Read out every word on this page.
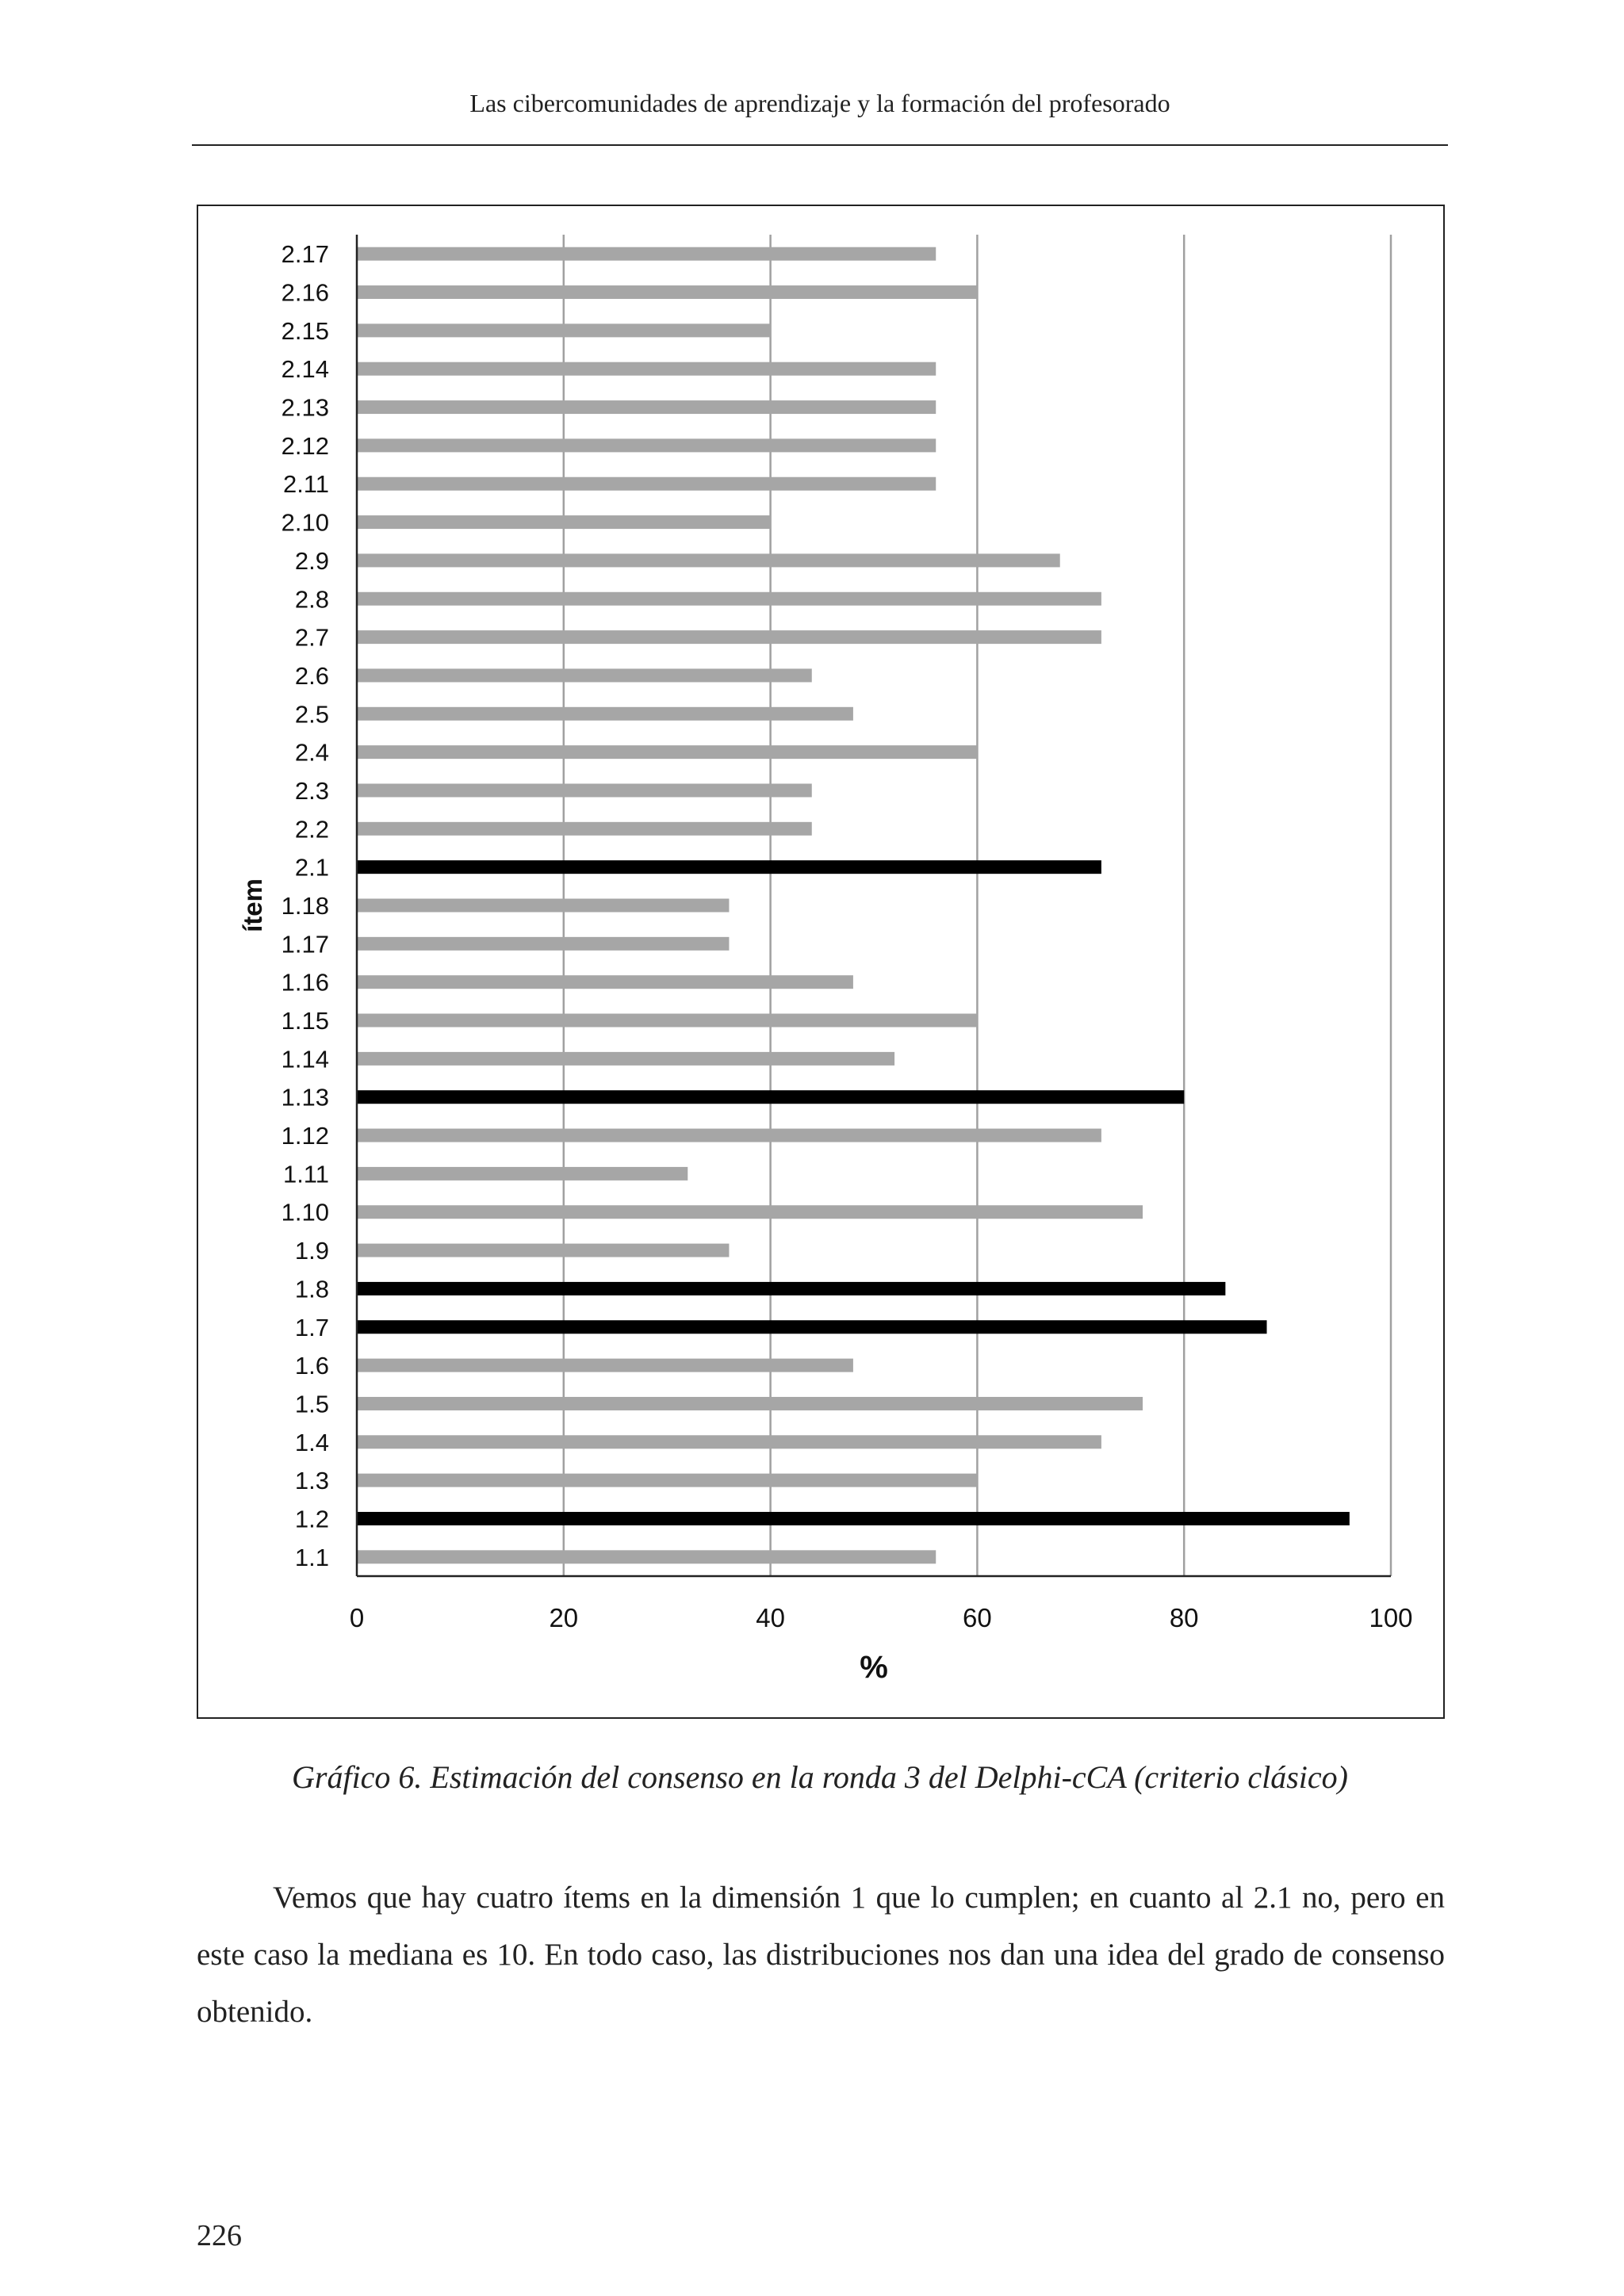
Las cibercomunidades de aprendizaje y la formación del profesorado
1.1
1.2
1.3
1.4
1.5
1.6
1.7
1.8
1.9
1.10
1.11
1.12
1.13
1.14
1.15
1.16
1.17
1.18
2.1
2.2
2.3
2.4
2.5
2.6
2.7
2.8
2.9
2.10
2.11
2.12
2.13
2.14
2.15
2.16
2.17
0	20	40	60	80	100
%
ítem
Gráfico 6. Estimación del consenso en la ronda 3 del Delphi-cCA (criterio clásico)

Vemos que hay cuatro ítems en la dimensión 1 que lo cumplen; en cuanto al 2.1 no, pero en este caso la mediana es 10. En todo caso, las distribuciones nos dan una idea del grado de consenso obtenido.

226
